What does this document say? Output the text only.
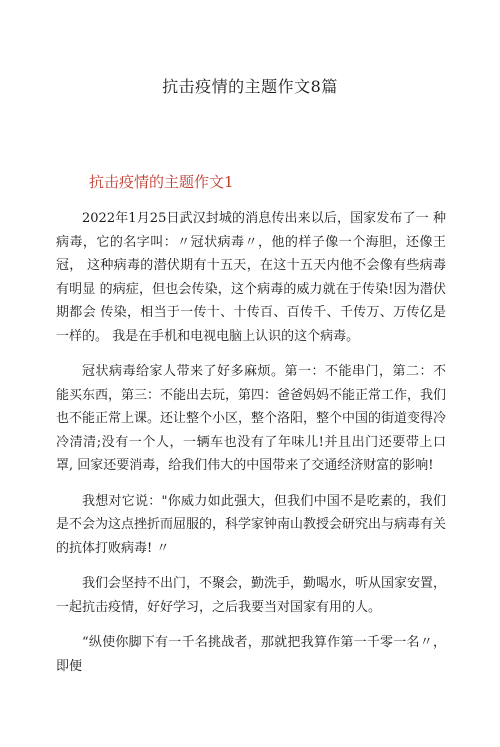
抗击疫情的主题作文8篇
抗击疫情的主题作文1

2022年1月25日武汉封城的消息传出来以后，国家发布了一 种病毒，它的名字叫：〃冠状病毒〃，他的样子像一个海胆，还像王冠， 这种病毒的潜伏期有十五天，在这十五天内他不会像有些病毒有明显 的病症，但也会传染，这个病毒的威力就在于传染!因为潜伏期都会 传染，相当于一传十、十传百、百传千、千传万、万传亿是一样的。 我是在手机和电视电脑上认识的这个病毒。

冠状病毒给家人带来了好多麻烦。第一：不能串门，第二：不 能买东西，第三：不能出去玩，第四：爸爸妈妈不能正常工作，我们 也不能正常上课。还让整个小区，整个洛阳，整个中国的街道变得冷 冷清清;没有一个人，一辆车也没有了年味儿!并且出门还要带上口罩, 回家还要消毒，给我们伟大的中国带来了交通经济财富的影响!

我想对它说："你威力如此强大，但我们中国不是吃素的，我们 是不会为这点挫折而屈服的，科学家钟南山教授会研究出与病毒有关 的抗体打败病毒! 〃

我们会坚持不出门，不聚会，勤洗手，勤喝水，听从国家安置， 一起抗击疫情，好好学习，之后我要当对国家有用的人。

“纵使你脚下有一千名挑战者，那就把我算作第一千零一名〃， 即便
